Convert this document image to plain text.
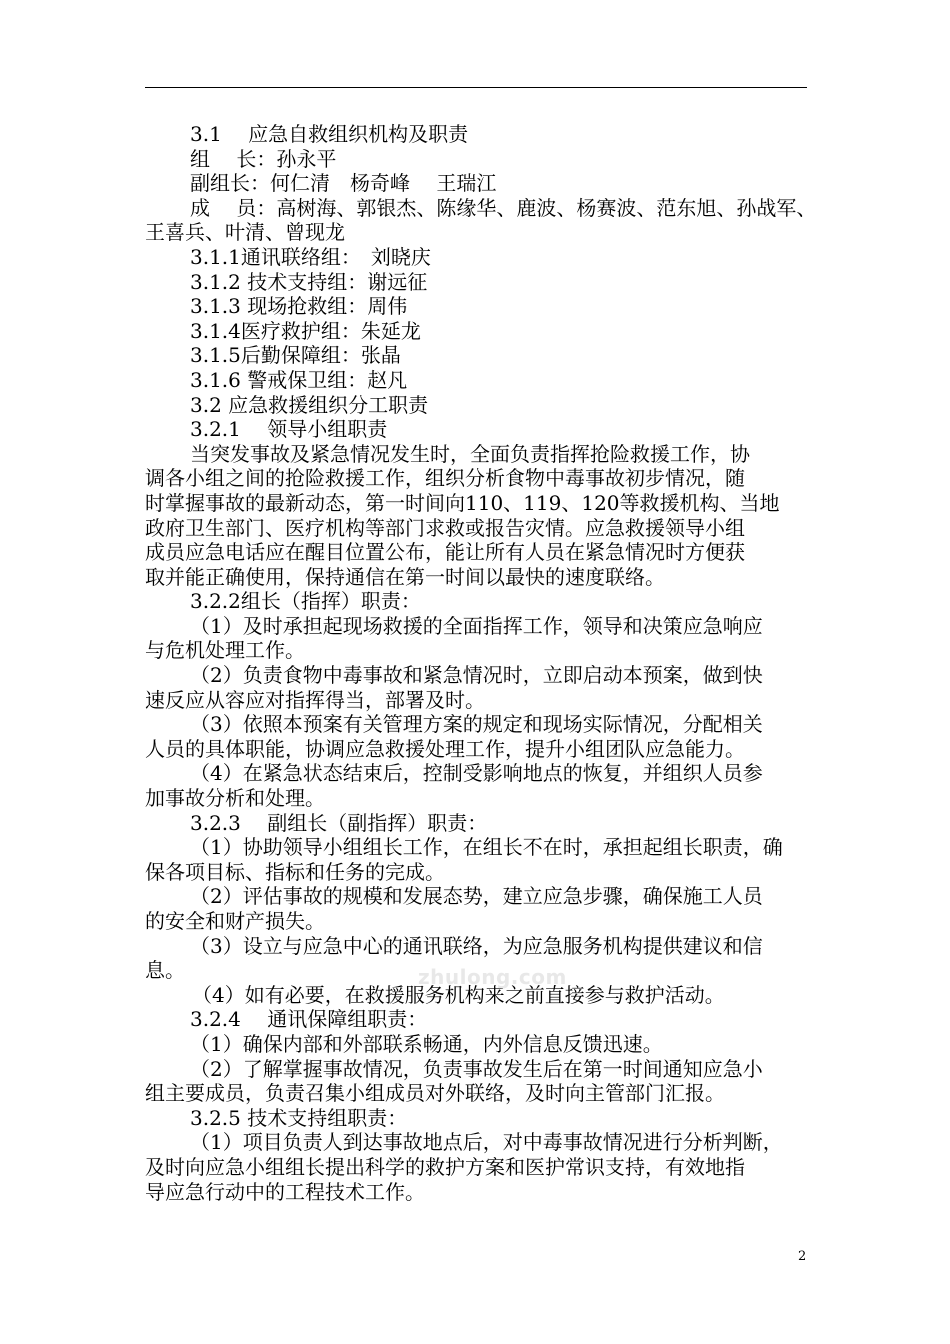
3.1　 应急自救组织机构及职责
组　 长：孙永平
副组长：何仁清　杨奇峰　 王瑞江
成　 员：高树海、郭银杰、陈缘华、鹿波、杨赛波、范东旭、孙战军、
王喜兵、叶清、曾现龙
3.1.1通讯联络组：　刘晓庆
3.1.2 技术支持组：谢远征
3.1.3 现场抢救组：周伟
3.1.4医疗救护组：朱延龙
3.1.5后勤保障组：张晶
3.1.6 警戒保卫组：赵凡
3.2 应急救援组织分工职责
3.2.1　 领导小组职责
当突发事故及紧急情况发生时，全面负责指挥抢险救援工作，协
调各小组之间的抢险救援工作，组织分析食物中毒事故初步情况，随
时掌握事故的最新动态，第一时间向110、119、120等救援机构、当地
政府卫生部门、医疗机构等部门求救或报告灾情。应急救援领导小组
成员应急电话应在醒目位置公布，能让所有人员在紧急情况时方便获
取并能正确使用，保持通信在第一时间以最快的速度联络。
3.2.2组长（指挥）职责：
（1）及时承担起现场救援的全面指挥工作，领导和决策应急响应
与危机处理工作。
（2）负责食物中毒事故和紧急情况时，立即启动本预案，做到快
速反应从容应对指挥得当，部署及时。
（3）依照本预案有关管理方案的规定和现场实际情况，分配相关
人员的具体职能，协调应急救援处理工作，提升小组团队应急能力。
（4）在紧急状态结束后，控制受影响地点的恢复，并组织人员参
加事故分析和处理。
3.2.3　 副组长（副指挥）职责：
（1）协助领导小组组长工作，在组长不在时，承担起组长职责，确
保各项目标、指标和任务的完成。
（2）评估事故的规模和发展态势，建立应急步骤，确保施工人员
的安全和财产损失。
（3）设立与应急中心的通讯联络，为应急服务机构提供建议和信
息。
（4）如有必要，在救援服务机构来之前直接参与救护活动。
3.2.4　 通讯保障组职责：
（1）确保内部和外部联系畅通，内外信息反馈迅速。
（2）了解掌握事故情况，负责事故发生后在第一时间通知应急小
组主要成员，负责召集小组成员对外联络，及时向主管部门汇报。
3.2.5 技术支持组职责：
（1）项目负责人到达事故地点后，对中毒事故情况进行分析判断，
及时向应急小组组长提出科学的救护方案和医护常识支持，有效地指
导应急行动中的工程技术工作。
zhulong.com
2
